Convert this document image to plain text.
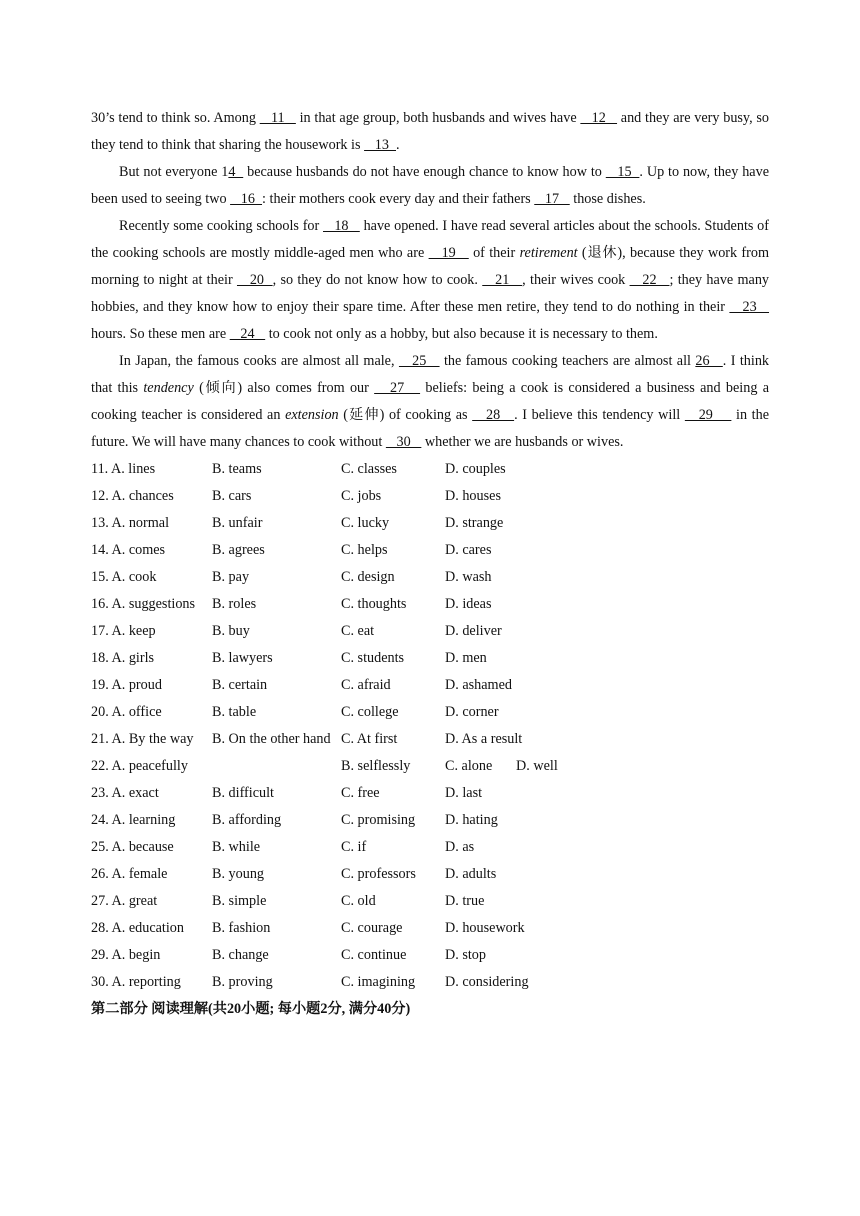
30’s tend to think so. Among    11    in that age group, both husbands and wives have    12    and they are very busy, so they tend to think that sharing the housework is    13  .

But not everyone 14   because husbands do not have enough chance to know how to    15  . Up to now, they have been used to seeing two    16  : their mothers cook every day and their fathers    17    those dishes.

Recently some cooking schools for    18    have opened. I have read several articles about the schools. Students of the cooking schools are mostly middle-aged men who are    19    of their retirement (退休), because they work from morning to night at their    20  , so they do not know how to cook.    21   , their wives cook    22   ; they have many hobbies, and they know how to enjoy their spare time. After these men retire, they tend to do nothing in their    23    hours. So these men are    24    to cook not only as a hobby, but also because it is necessary to them.

In Japan, the famous cooks are almost all male,    25    the famous cooking teachers are almost all 26   . I think that this tendency (倾向) also comes from our    27    beliefs: being a cook is considered a business and being a cooking teacher is considered an extension (延伸) of cooking as    28   . I believe this tendency will    29     in the future. We will have many chances to cook without    30    whether we are husbands or wives.

11. A. lines	B. teams	C. classes	D. couples
12. A. chances	B. cars	C. jobs	D. houses
13. A. normal	B. unfair	C. lucky	D. strange
14. A. comes	B. agrees	C. helps	D. cares
15. A. cook	B. pay	C. design	D. wash
16. A. suggestions B. roles	C. thoughts	D. ideas
17. A. keep	B. buy	C. eat	D. deliver
18. A. girls	B. lawyers	C. students	D. men
19. A. proud	B. certain	C. afraid	D. ashamed
20. A. office	B. table	C. college	D. corner
21. A. By the way B. On the other hand C. At first	D. As a result
22. A. peacefully	B. selflessly C. alone D. well
23. A. exact	B. difficult	C. free	D. last
24. A. learning	B. affording	C. promising D. hating
25. A. because	B. while	C. if	D. as
26. A. female	B. young	C. professors D. adults
27. A. great	B. simple	C. old	D. true
28. A. education B. fashion	C. courage	D. housework
29. A. begin	B. change	C. continue	D. stop
30. A. reporting B. proving	C. imagining D. considering
第二部分 阅读理解(共20小题; 每小题2分, 满分40分)
